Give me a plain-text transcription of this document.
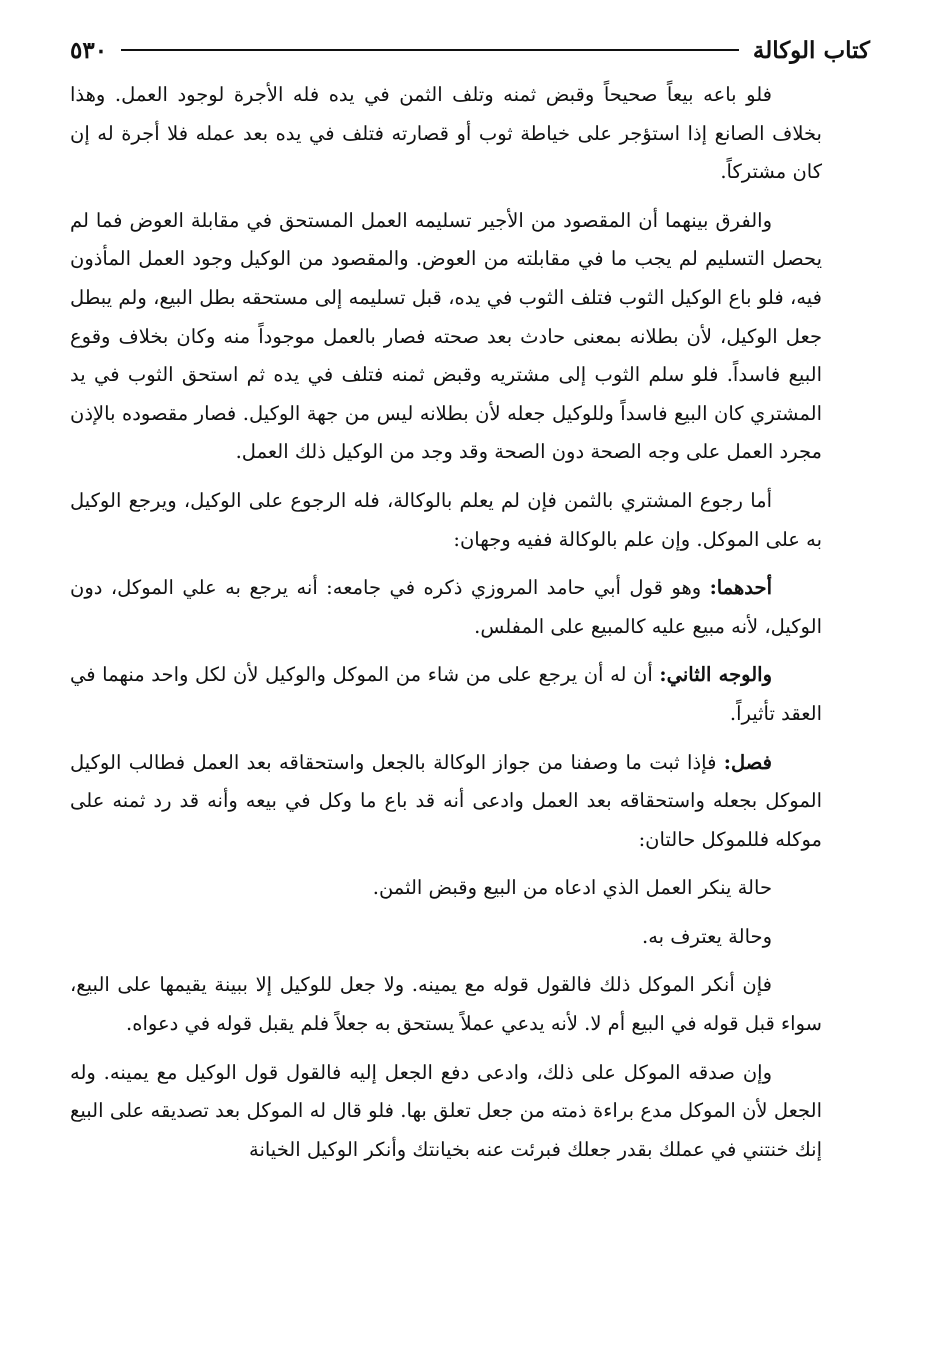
كتاب الوكالة
٥٣٠

فلو باعه بيعاً صحيحاً وقبض ثمنه وتلف الثمن في يده فله الأجرة لوجود العمل. وهذا بخلاف الصانع إذا استؤجر على خياطة ثوب أو قصارته فتلف في يده بعد عمله فلا أجرة له إن كان مشتركاً.

والفرق بينهما أن المقصود من الأجير تسليمه العمل المستحق في مقابلة العوض فما لم يحصل التسليم لم يجب ما في مقابلته من العوض. والمقصود من الوكيل وجود العمل المأذون فيه، فلو باع الوكيل الثوب فتلف الثوب في يده، قبل تسليمه إلى مستحقه بطل البيع، ولم يبطل جعل الوكيل، لأن بطلانه بمعنى حادث بعد صحته فصار بالعمل موجوداً منه وكان بخلاف وقوع البيع فاسداً. فلو سلم الثوب إلى مشتريه وقبض ثمنه فتلف في يده ثم استحق الثوب في يد المشتري كان البيع فاسداً وللوكيل جعله لأن بطلانه ليس من جهة الوكيل. فصار مقصوده بالإذن مجرد العمل على وجه الصحة دون الصحة وقد وجد من الوكيل ذلك العمل.

أما رجوع المشتري بالثمن فإن لم يعلم بالوكالة، فله الرجوع على الوكيل، ويرجع الوكيل به على الموكل. وإن علم بالوكالة ففيه وجهان:

أحدهما: وهو قول أبي حامد المروزي ذكره في جامعه: أنه يرجع به علي الموكل، دون الوكيل، لأنه مبيع عليه كالمبيع على المفلس.

والوجه الثاني: أن له أن يرجع على من شاء من الموكل والوكيل لأن لكل واحد منهما في العقد تأثيراً.

فصل: فإذا ثبت ما وصفنا من جواز الوكالة بالجعل واستحقاقه بعد العمل فطالب الوكيل الموكل بجعله واستحقاقه بعد العمل وادعى أنه قد باع ما وكل في بيعه وأنه قد رد ثمنه على موكله فللموكل حالتان:

حالة ينكر العمل الذي ادعاه من البيع وقبض الثمن.

وحالة يعترف به.

فإن أنكر الموكل ذلك فالقول قوله مع يمينه. ولا جعل للوكيل إلا ببينة يقيمها على البيع، سواء قبل قوله في البيع أم لا. لأنه يدعي عملاً يستحق به جعلاً فلم يقبل قوله في دعواه.

وإن صدقه الموكل على ذلك، وادعى دفع الجعل إليه فالقول قول الوكيل مع يمينه. وله الجعل لأن الموكل مدع براءة ذمته من جعل تعلق بها. فلو قال له الموكل بعد تصديقه على البيع إنك خنتني في عملك بقدر جعلك فبرئت عنه بخيانتك وأنكر الوكيل الخيانة
